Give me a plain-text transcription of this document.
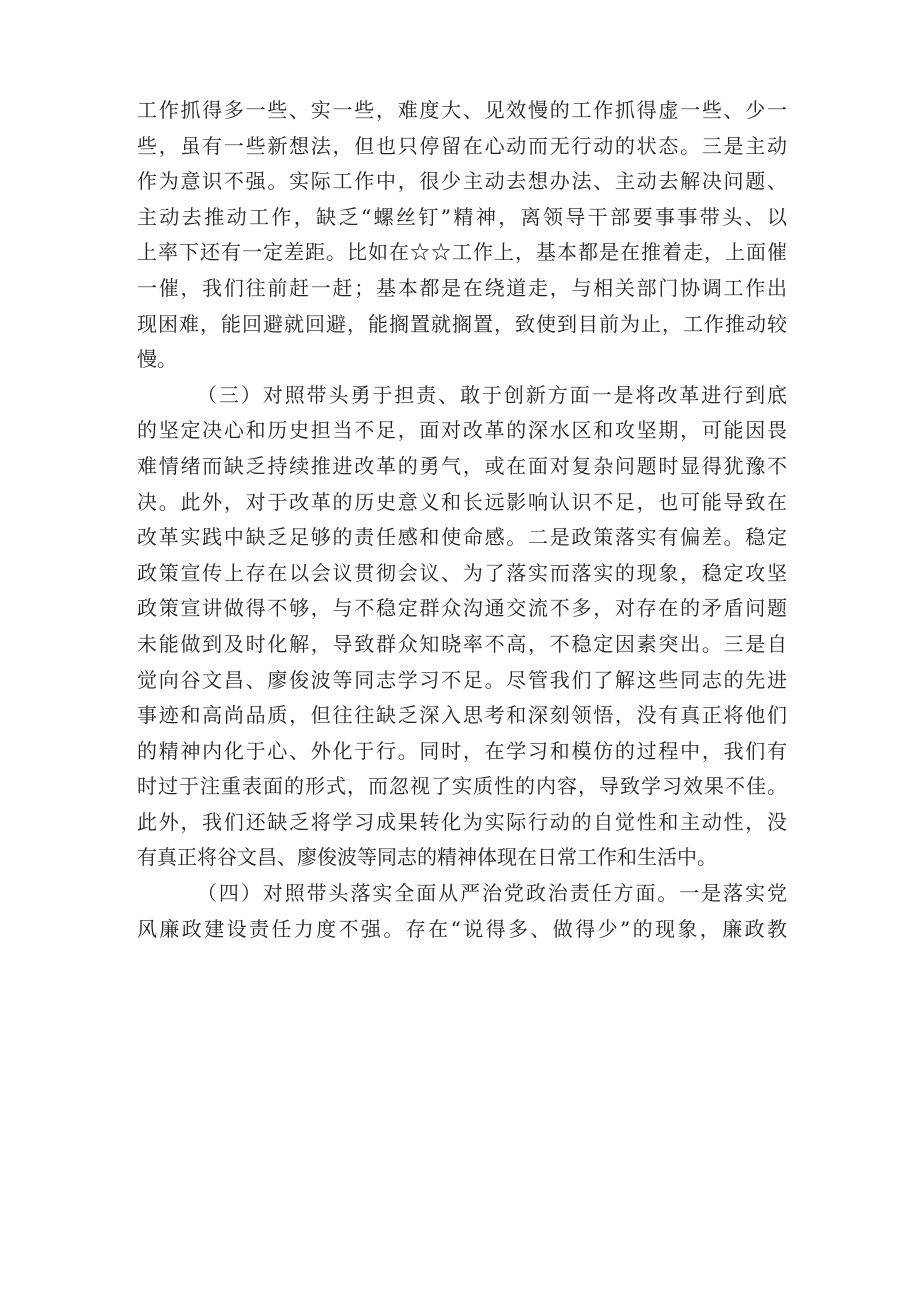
工作抓得多一些、实一些，难度大、见效慢的工作抓得虚一些、少一
些，虽有一些新想法，但也只停留在心动而无行动的状态。三是主动
作为意识不强。实际工作中，很少主动去想办法、主动去解决问题、
主动去推动工作，缺乏“螺丝钉”精神，离领导干部要事事带头、以
上率下还有一定差距。比如在☆☆工作上，基本都是在推着走，上面催
一催，我们往前赶一赶；基本都是在绕道走，与相关部门协调工作出
现困难，能回避就回避，能搁置就搁置，致使到目前为止，工作推动较
慢。
（三）对照带头勇于担责、敢于创新方面一是将改革进行到底
的坚定决心和历史担当不足，面对改革的深水区和攻坚期，可能因畏
难情绪而缺乏持续推进改革的勇气，或在面对复杂问题时显得犹豫不
决。此外，对于改革的历史意义和长远影响认识不足，也可能导致在
改革实践中缺乏足够的责任感和使命感。二是政策落实有偏差。稳定
政策宣传上存在以会议贯彻会议、为了落实而落实的现象，稳定攻坚
政策宣讲做得不够，与不稳定群众沟通交流不多，对存在的矛盾问题
未能做到及时化解，导致群众知晓率不高，不稳定因素突出。三是自
觉向谷文昌、廖俊波等同志学习不足。尽管我们了解这些同志的先进
事迹和高尚品质，但往往缺乏深入思考和深刻领悟，没有真正将他们
的精神内化于心、外化于行。同时，在学习和模仿的过程中，我们有
时过于注重表面的形式，而忽视了实质性的内容，导致学习效果不佳。
此外，我们还缺乏将学习成果转化为实际行动的自觉性和主动性，没
有真正将谷文昌、廖俊波等同志的精神体现在日常工作和生活中。
（四）对照带头落实全面从严治党政治责任方面。一是落实党
风廉政建设责任力度不强。存在“说得多、做得少”的现象，廉政教
